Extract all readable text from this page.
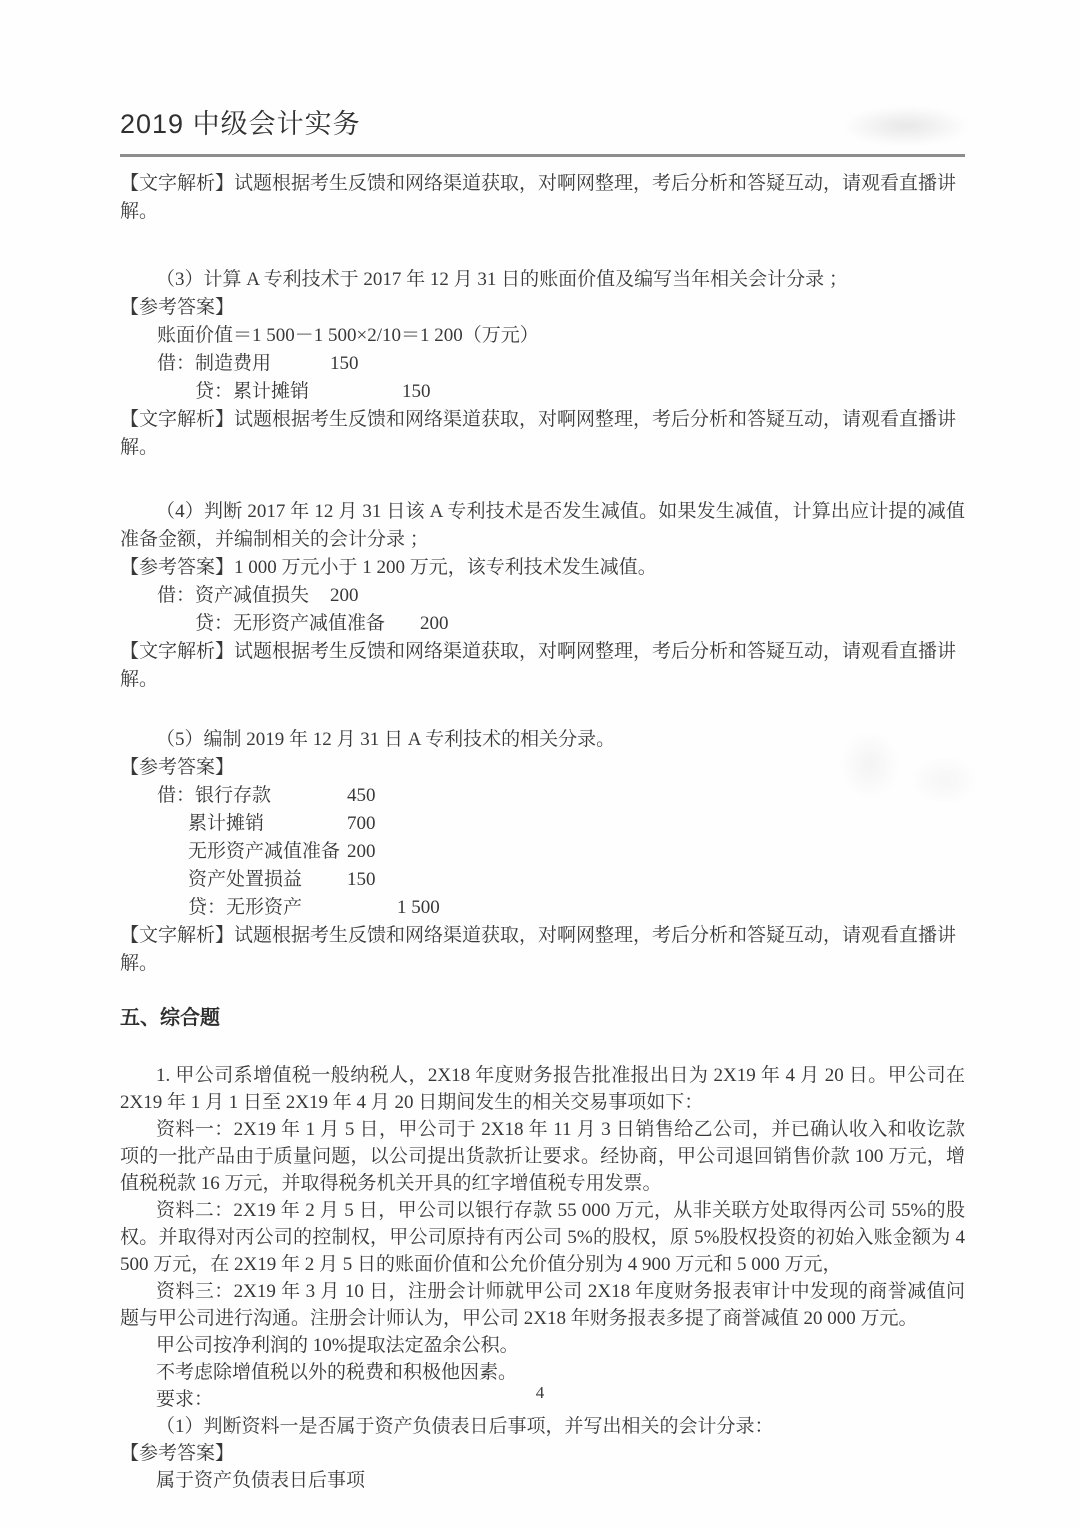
2019 中级会计实务

【文字解析】试题根据考生反馈和网络渠道获取，对啊网整理，考后分析和答疑互动，请观看直播讲解。

（3）计算 A 专利技术于 2017 年 12 月 31 日的账面价值及编写当年相关会计分录 ；

【参考答案】

账面价值＝1 500－1 500×2/10＝1 200（万元）

借：制造费用	150
贷：累计摊销	150

【文字解析】试题根据考生反馈和网络渠道获取，对啊网整理，考后分析和答疑互动，请观看直播讲解。

（4）判断 2017 年 12 月 31 日该 A 专利技术是否发生减值。如果发生减值，计算出应计提的减值准备金额，并编制相关的会计分录 ；

【参考答案】1 000 万元小于 1 200 万元，该专利技术发生减值。

借：资产减值损失 200
贷：无形资产减值准备 200

【文字解析】试题根据考生反馈和网络渠道获取，对啊网整理，考后分析和答疑互动，请观看直播讲解。

（5）编制 2019 年 12 月 31 日 A 专利技术的相关分录。

【参考答案】

借：银行存款	450
累计摊销	700
无形资产减值准备 200
资产处置损益 150
贷：无形资产	1 500

【文字解析】试题根据考生反馈和网络渠道获取，对啊网整理，考后分析和答疑互动，请观看直播讲解。

五、综合题

1. 甲公司系增值税一般纳税人，2X18 年度财务报告批准报出日为 2X19 年 4 月 20 日。甲公司在 2X19 年 1 月 1 日至 2X19 年 4 月 20 日期间发生的相关交易事项如下：

资料一：2X19 年 1 月 5 日，甲公司于 2X18 年 11 月 3 日销售给乙公司，并已确认收入和收讫款项的一批产品由于质量问题，以公司提出货款折让要求。经协商，甲公司退回销售价款 100 万元，增值税税款 16 万元，并取得税务机关开具的红字增值税专用发票。

资料二：2X19 年 2 月 5 日，甲公司以银行存款 55 000 万元，从非关联方处取得丙公司 55%的股权。并取得对丙公司的控制权，甲公司原持有丙公司 5%的股权，原 5%股权投资的初始入账金额为 4 500 万元，在 2X19 年 2 月 5 日的账面价值和公允价值分别为 4 900 万元和 5 000 万元，

资料三：2X19 年 3 月 10 日，注册会计师就甲公司 2X18 年度财务报表审计中发现的商誉减值问题与甲公司进行沟通。注册会计师认为，甲公司 2X18 年财务报表多提了商誉减值 20 000 万元。

甲公司按净利润的 10%提取法定盈余公积。

不考虑除增值税以外的税费和积极他因素。

要求：

（1）判断资料一是否属于资产负债表日后事项，并写出相关的会计分录：

【参考答案】

属于资产负债表日后事项

4
